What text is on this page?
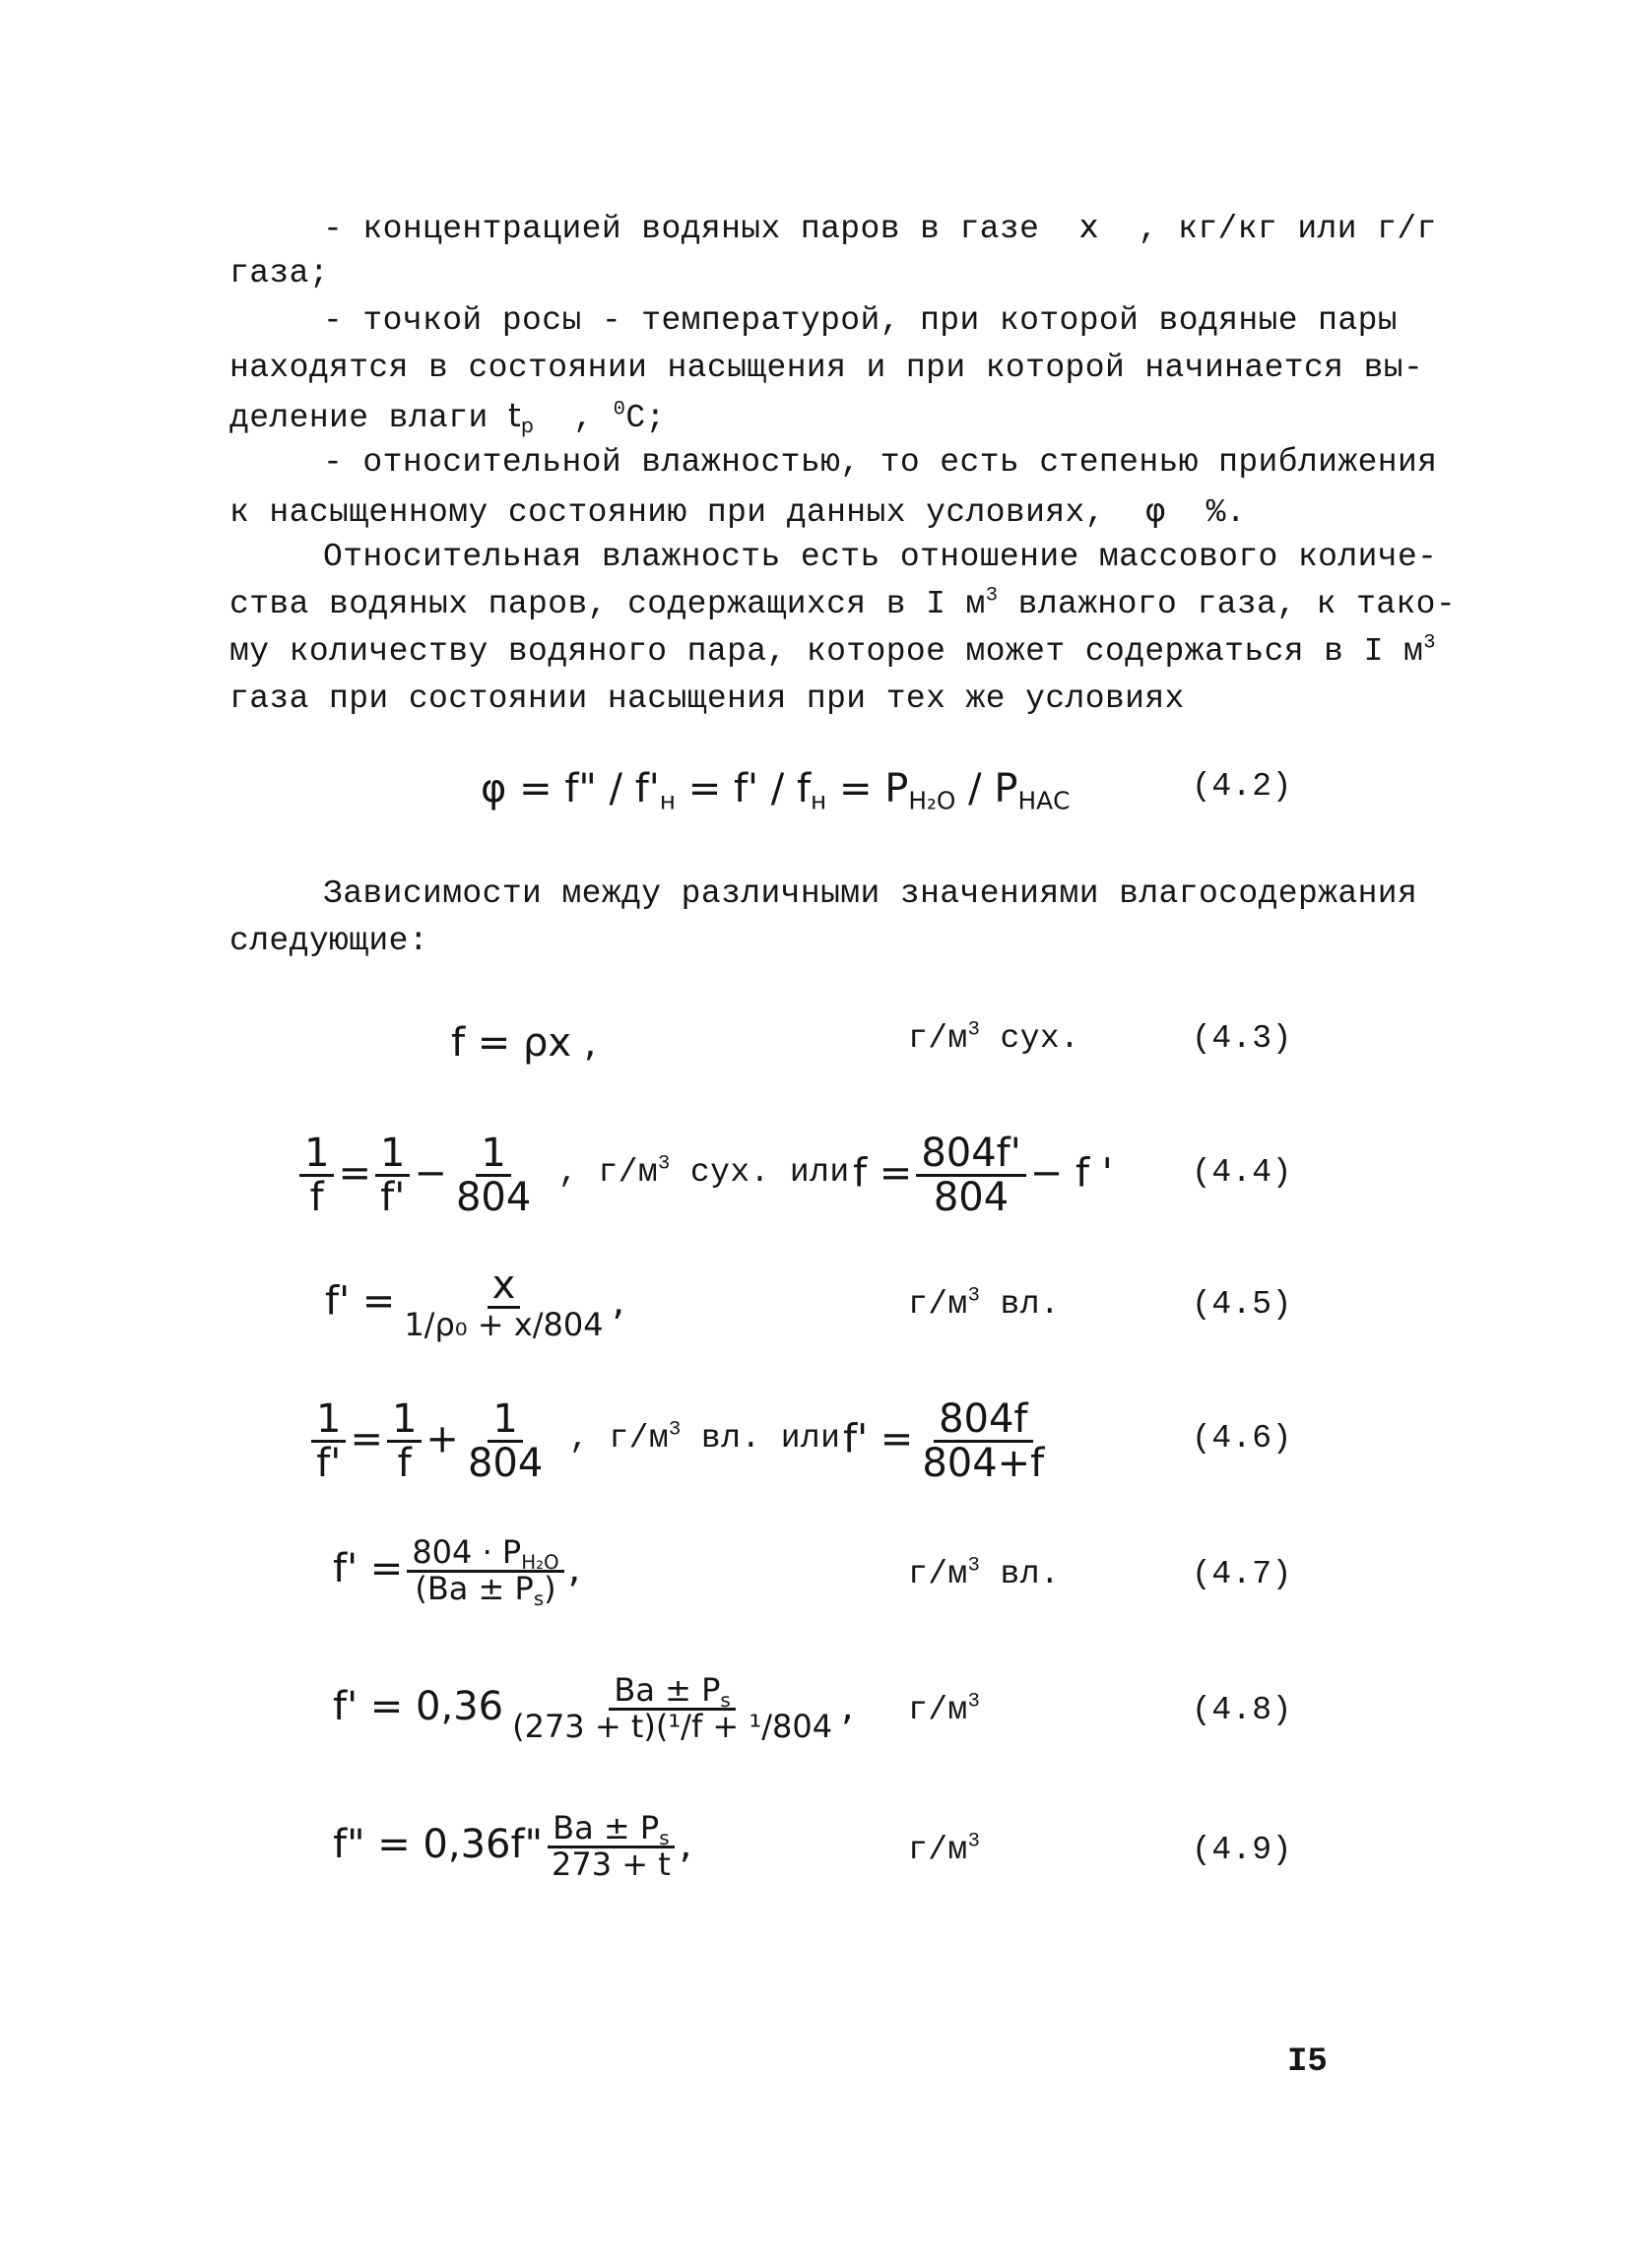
- концентрацией водяных паров в газе x , кг/кг или г/г
газа;
- точкой росы - температурой, при которой водяные пары
находятся в состоянии насыщения и при которой начинается вы-
деление влаги $t_р$ , $^0$С;
- относительной влажностью, то есть степенью приближения
к насыщенному состоянию при данных условиях, φ %.
Относительная влажность есть отношение массового количе-
ства водяных паров, содержащихся в I $м^3$ влажного газа, к тако-
му количеству водяного пара, которое может содержаться в I $м^3$
газа при состоянии насыщения при тех же условиях
φ = f" / $f'_н = f' / f_н = P_{H_2O} / P_{НАС}$	(4.2)
Зависимости между различными значениями влагосодержания
следующие:
f = ρx ,	$г/м^3$ сух.	(4.3)
$\frac{1}{f} = \frac{1}{f'} - \frac{1}{804}$ , $г/м^3$ сух. или $f = \frac{804f'}{804} - f$ ' (4.4)
$f' = \frac{x}{\text{1/ρ₀ + x/804}}$ ,	$г/м^3$ вл.	(4.5)
$\frac{1}{f'} = \frac{1}{f} + \frac{1}{804}$ , $г/м^3$ вл. или $f' = \frac{804f}{804+f}$	(4.6)
$f' = \frac{804 \cdot P_{H_2O}}{(Ba \pm P_s)}$ ,	$г/м^3$ вл.	(4.7)
$f' = 0,36 \frac{Ba \pm P_s}{\text{(273 + t)(¹/f + ¹/804}}$ , $г/м^3$	(4.8)
f" = 0,36f" $\frac{Ba \pm P_s}{273 + t}$ ,	$г/м^3$	(4.9)
I5
